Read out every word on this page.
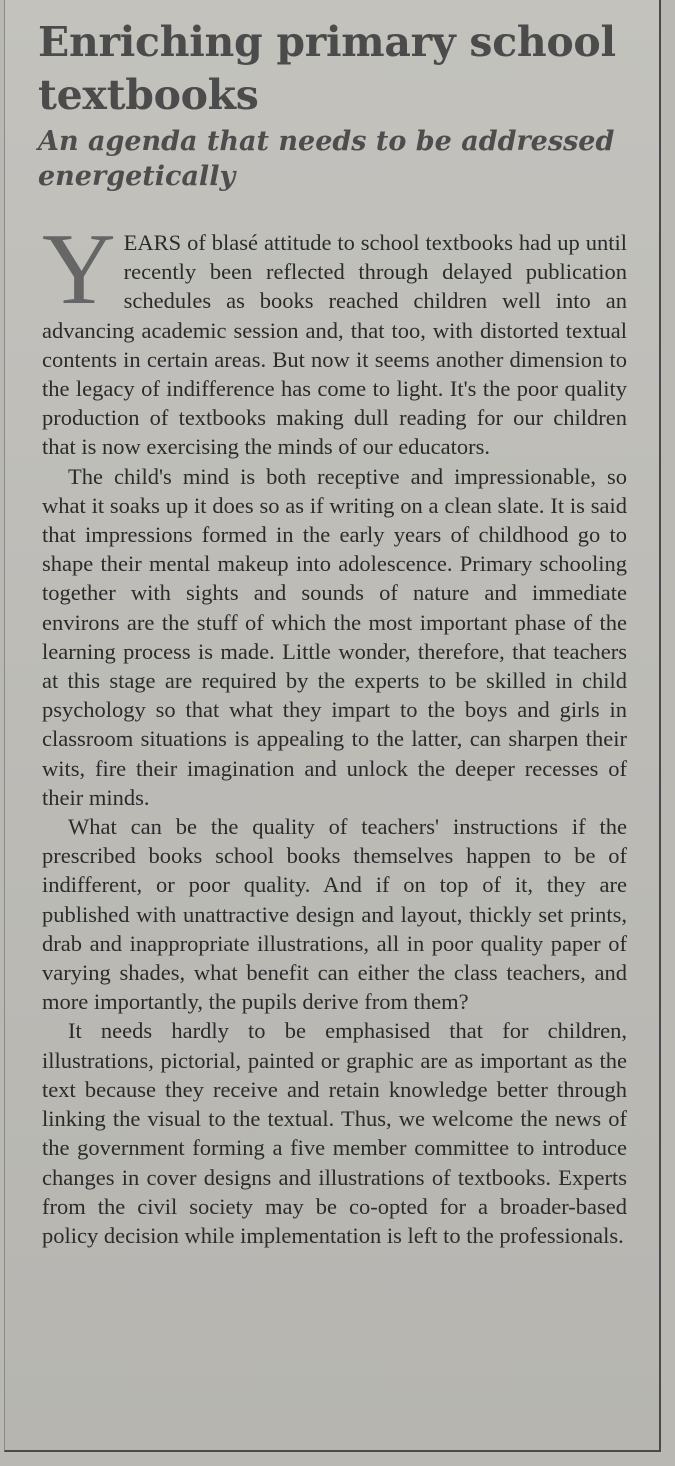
Enriching primary school textbooks
An agenda that needs to be addressed energetically

YEARS of blasé attitude to school textbooks had up until recently been reflected through delayed publication schedules as books reached children well into an advancing academic session and, that too, with distorted textual contents in certain areas. But now it seems another dimension to the legacy of indifference has come to light. It's the poor quality production of textbooks making dull reading for our children that is now exercising the minds of our educators.

The child's mind is both receptive and impressionable, so what it soaks up it does so as if writing on a clean slate. It is said that impressions formed in the early years of childhood go to shape their mental makeup into adolescence. Primary schooling together with sights and sounds of nature and immediate environs are the stuff of which the most important phase of the learning process is made. Little wonder, therefore, that teachers at this stage are required by the experts to be skilled in child psychology so that what they impart to the boys and girls in classroom situations is appealing to the latter, can sharpen their wits, fire their imagination and unlock the deeper recesses of their minds.

What can be the quality of teachers' instructions if the prescribed books school books themselves happen to be of indifferent, or poor quality. And if on top of it, they are published with unattractive design and layout, thickly set prints, drab and inappropriate illustrations, all in poor quality paper of varying shades, what benefit can either the class teachers, and more importantly, the pupils derive from them?

It needs hardly to be emphasised that for children, illustrations, pictorial, painted or graphic are as important as the text because they receive and retain knowledge better through linking the visual to the textual. Thus, we welcome the news of the government forming a five member committee to introduce changes in cover designs and illustrations of textbooks. Experts from the civil society may be co-opted for a broader-based policy decision while implementation is left to the professionals.
